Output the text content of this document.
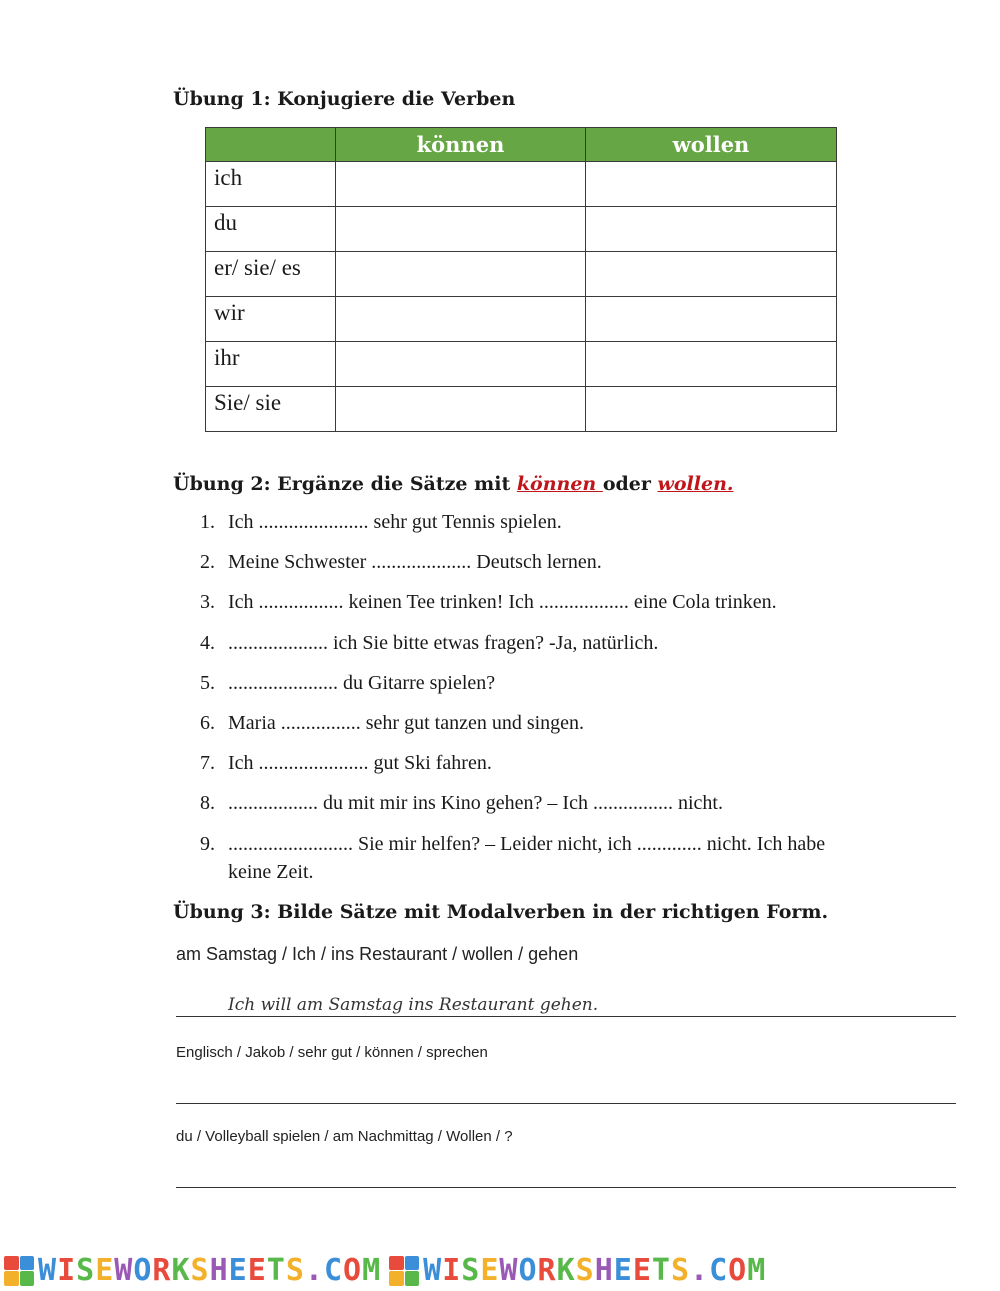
Übung 1: Konjugiere die Verben
	können	wollen
ich		
du		
er/ sie/ es		
wir		
ihr		
Sie/ sie		
Übung 2: Ergänze die Sätze mit können oder wollen.
1. Ich ...................... sehr gut Tennis spielen.
2. Meine Schwester .................... Deutsch lernen.
3. Ich ................. keinen Tee trinken! Ich .................. eine Cola trinken.
4. .................... ich Sie bitte etwas fragen? -Ja, natürlich.
5. ...................... du Gitarre spielen?
6. Maria ................ sehr gut tanzen und singen.
7. Ich ...................... gut Ski fahren.
8. .................. du mit mir ins Kino gehen? – Ich ................ nicht.
9. ......................... Sie mir helfen? – Leider nicht, ich ............. nicht. Ich habe keine Zeit.
Übung 3: Bilde Sätze mit Modalverben in der richtigen Form.
am Samstag / Ich / ins Restaurant / wollen / gehen
Ich will am Samstag ins Restaurant gehen.
Englisch / Jakob / sehr gut / können / sprechen
du / Volleyball spielen / am Nachmittag / Wollen / ?
WISEWORKSHEETS.COM WISEWORKSHEETS.COM
